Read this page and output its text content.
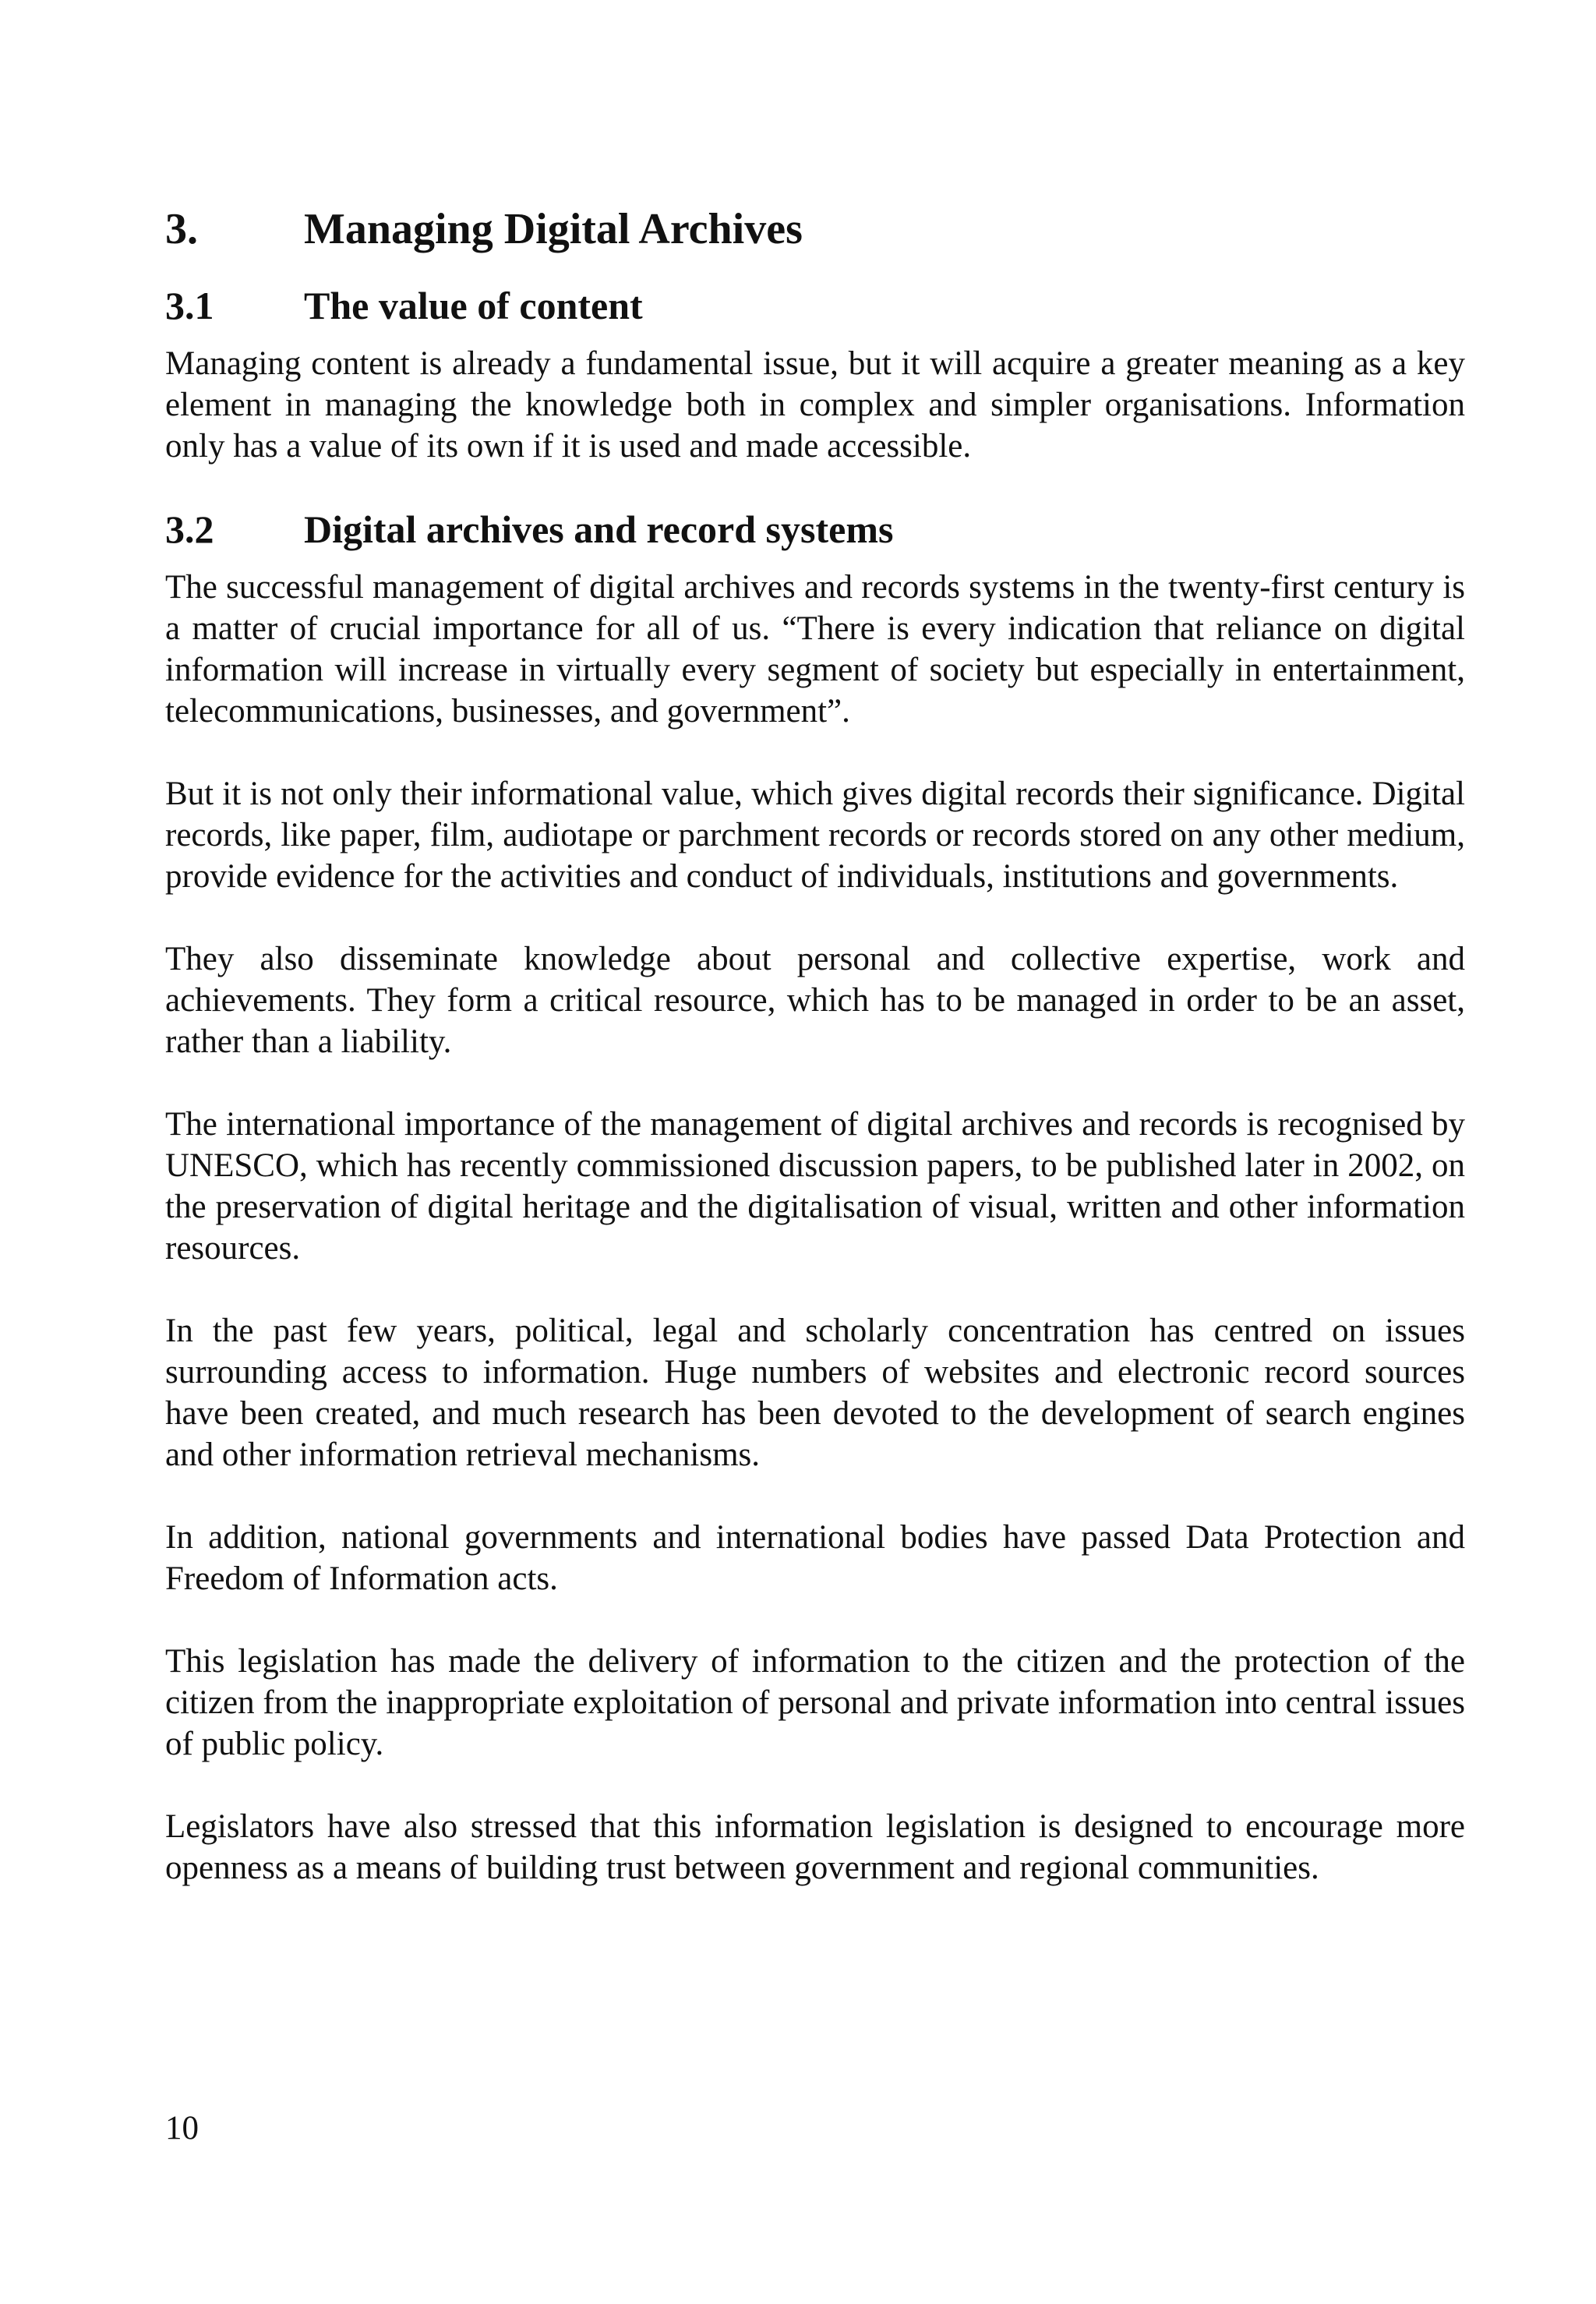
3.	Managing Digital Archives
3.1	The value of content

Managing content is already a fundamental issue, but it will acquire a greater meaning as a key element in managing the knowledge both in complex and simpler organisations. Information only has a value of its own if it is used and made accessible.

3.2	Digital archives and record systems

The successful management of digital archives and records systems in the twenty-first century is a matter of crucial importance for all of us. “There is every indication that reliance on digital information will increase in virtually every segment of society but especially in entertainment, telecommunications, businesses, and government”.

But it is not only their informational value, which gives digital records their significance. Digital records, like paper, film, audiotape or parchment records or records stored on any other medium, provide evidence for the activities and conduct of individuals, institutions and governments.

They also disseminate knowledge about personal and collective expertise, work and achievements. They form a critical resource, which has to be managed in order to be an asset, rather than a liability.

The international importance of the management of digital archives and records is recognised by UNESCO, which has recently commissioned discussion papers, to be published later in 2002, on the preservation of digital heritage and the digitalisation of visual, written and other information resources.

In the past few years, political, legal and scholarly concentration has centred on issues surrounding access to information. Huge numbers of websites and electronic record sources have been created, and much research has been devoted to the development of search engines and other information retrieval mechanisms.

In addition, national governments and international bodies have passed Data Protection and Freedom of Information acts.

This legislation has made the delivery of information to the citizen and the protection of the citizen from the inappropriate exploitation of personal and private information into central issues of public policy.

Legislators have also stressed that this information legislation is designed to encourage more openness as a means of building trust between government and regional communities.

10
